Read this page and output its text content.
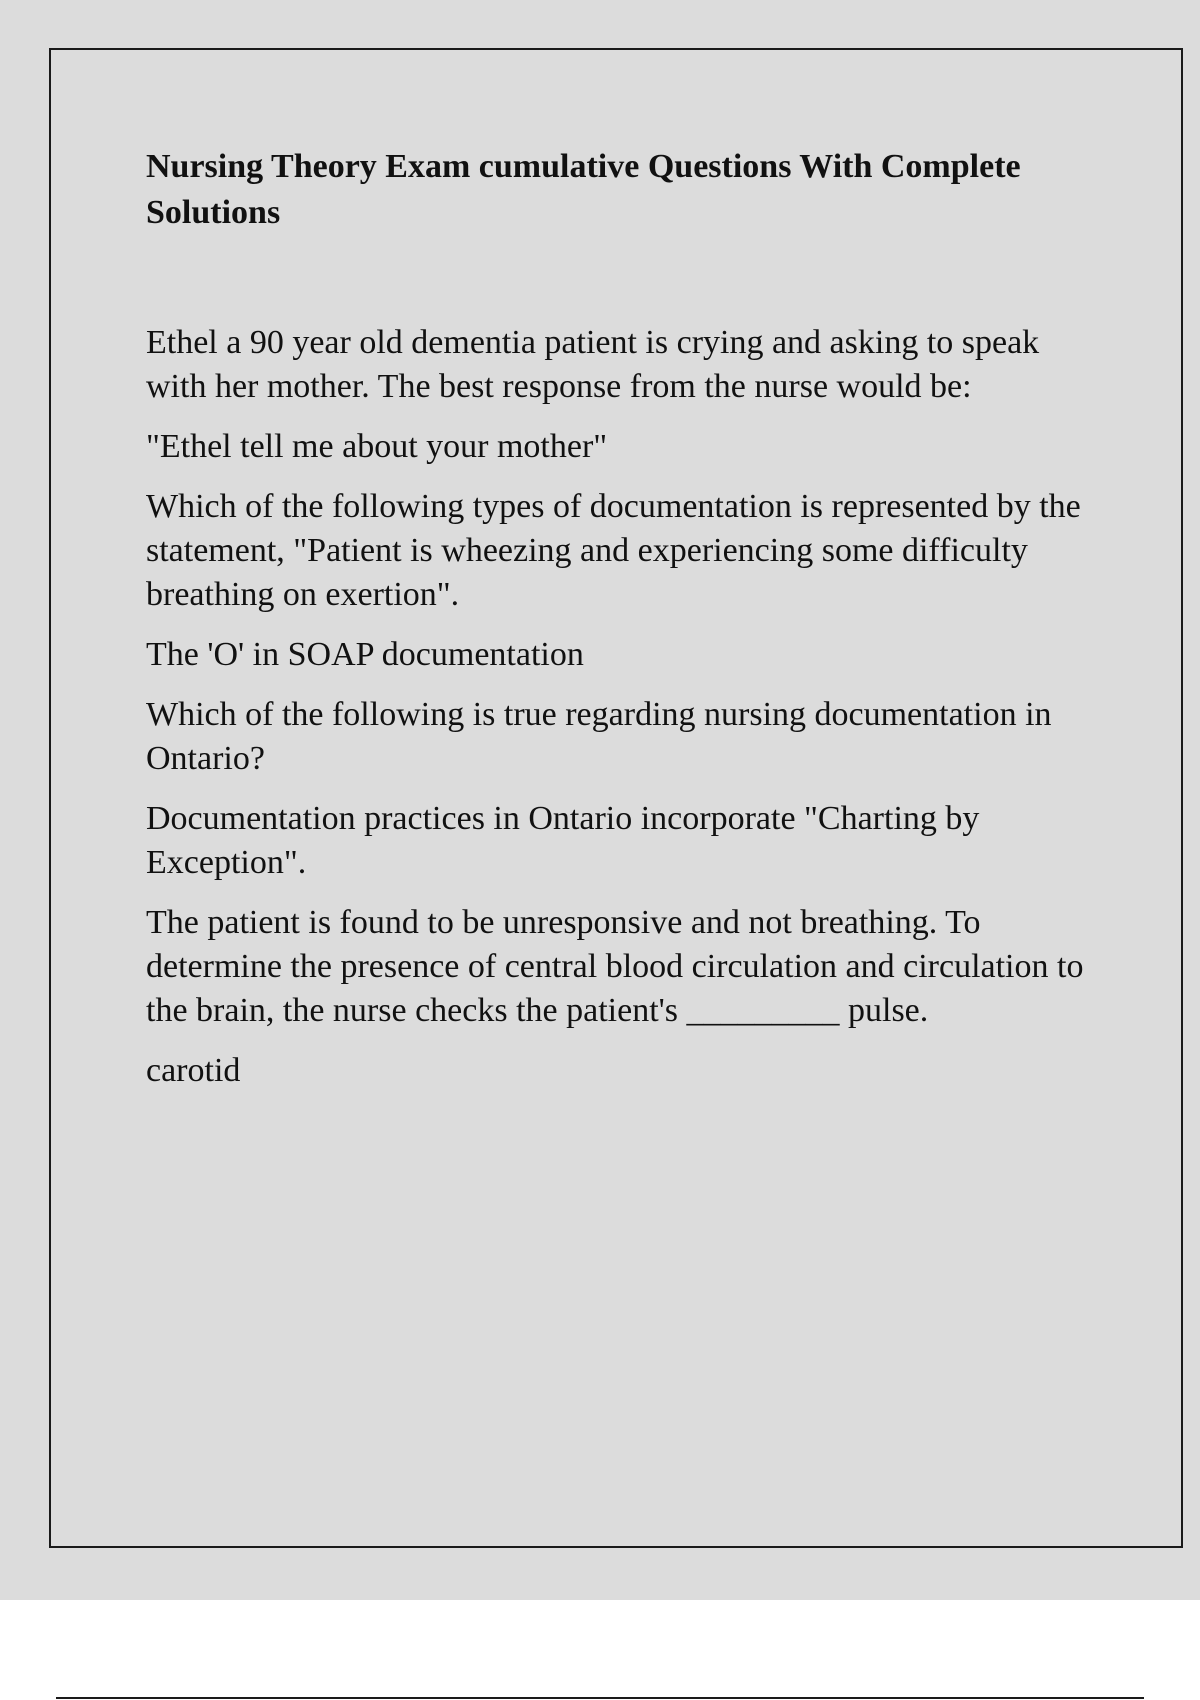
Nursing Theory Exam cumulative Questions With Complete Solutions
Ethel a 90 year old dementia patient is crying and asking to speak with her mother. The best response from the nurse would be:
"Ethel tell me about your mother"
Which of the following types of documentation is represented by the statement, "Patient is wheezing and experiencing some difficulty breathing on exertion".
The 'O' in SOAP documentation
Which of the following is true regarding nursing documentation in Ontario?
Documentation practices in Ontario incorporate "Charting by Exception".
The patient is found to be unresponsive and not breathing. To determine the presence of central blood circulation and circulation to the brain, the nurse checks the patient's _________ pulse.
carotid
